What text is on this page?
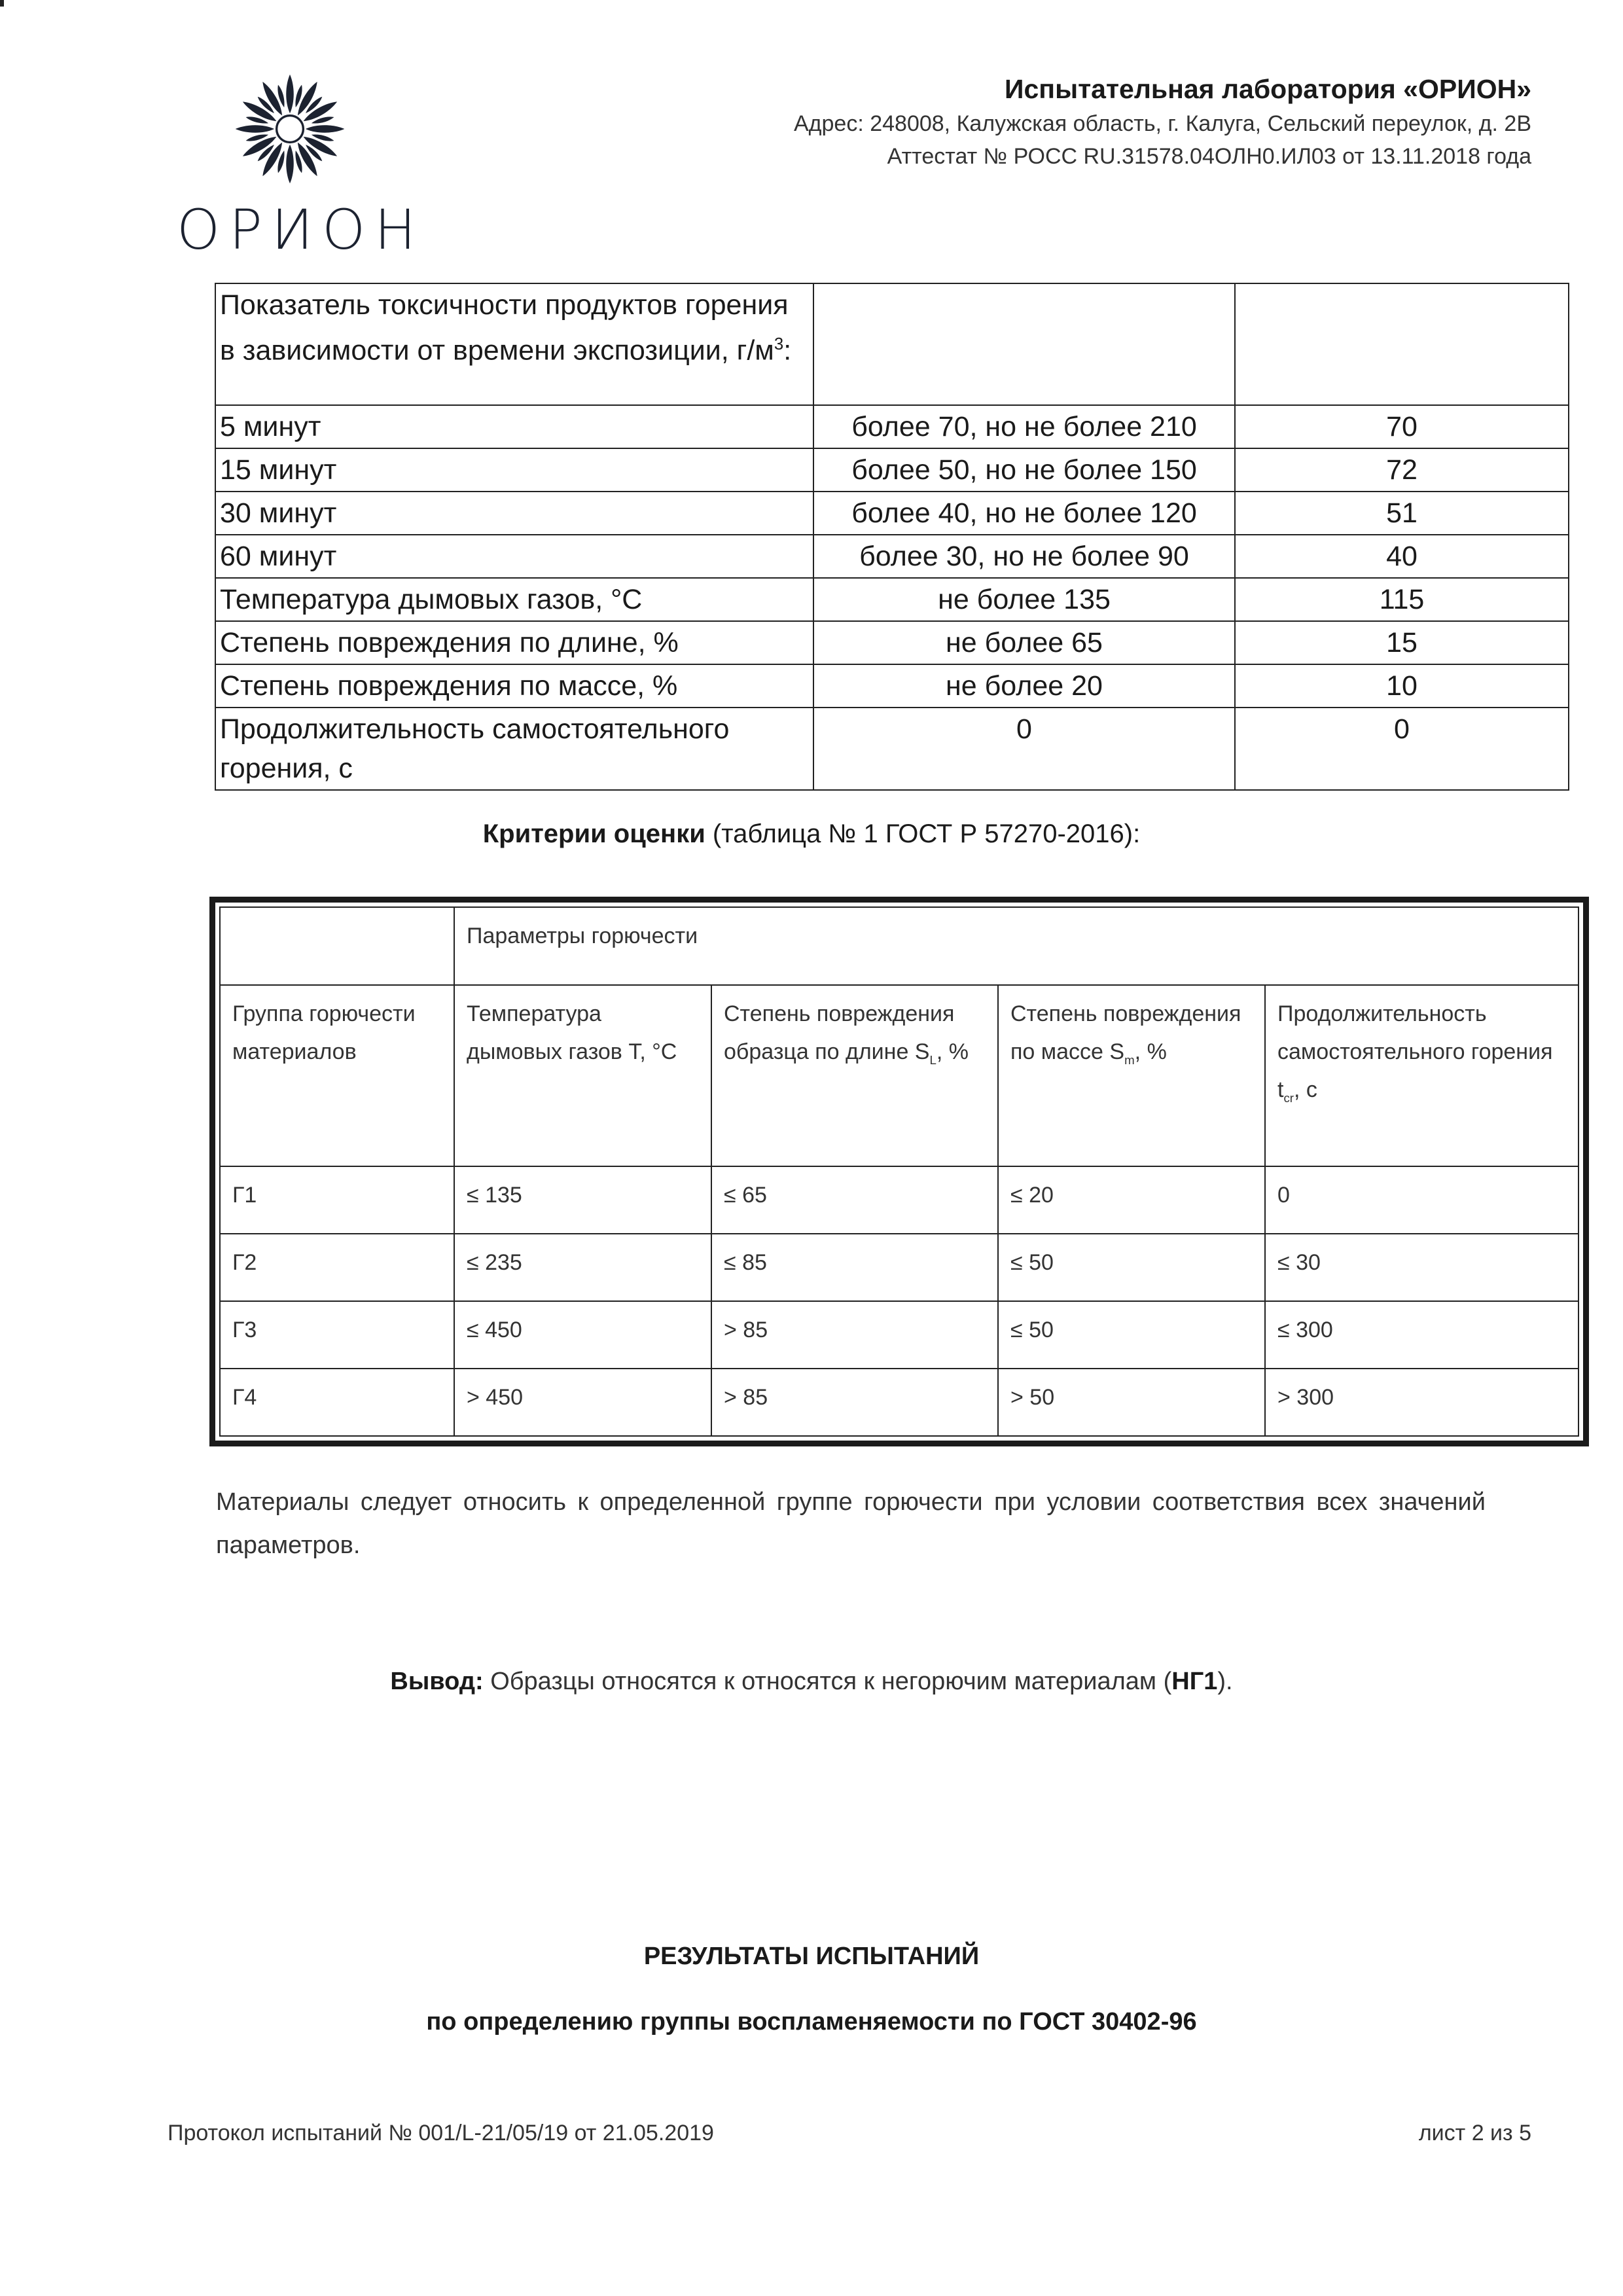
ОРИОН
Испытательная лаборатория «ОРИОН»
Адрес: 248008, Калужская область, г. Калуга, Сельский переулок, д. 2В
Аттестат № РОСС RU.31578.04ОЛН0.ИЛ03 от 13.11.2018 года
Показатель токсичности продуктов горения в зависимости от времени экспозиции, $г/м^3$:		
5 минут	более 70, но не более 210	70
15 минут	более 50, но не более 150	72
30 минут	более 40, но не более 120	51
60 минут	более 30, но не более 90	40
Температура дымовых газов, °С	не более 135	115
Степень повреждения по длине, %	не более 65	15
Степень повреждения по массе, %	не более 20	10
Продолжительность самостоятельного горения, с	0	0
Критерии оценки (таблица № 1 ГОСТ Р 57270-2016):
	Параметры горючести			
Группа горючести материалов	Температура дымовых газов Т, °С	Степень повреждения образца по длине $S_L$, %	Степень повреждения по массе $S_m$, %	Продолжительность самостоятельного горения $t_{cr}$, с
Г1	≤ 135	≤ 65	≤ 20	0
Г2	≤ 235	≤ 85	≤ 50	≤ 30
Г3	≤ 450	> 85	≤ 50	≤ 300
Г4	> 450	> 85	> 50	> 300
Материалы следует относить к определенной группе горючести при условии соответствия всех значенийпараметров.
Вывод: Образцы относятся к относятся к негорючим материалам (НГ1).
РЕЗУЛЬТАТЫ ИСПЫТАНИЙ
по определению группы воспламеняемости по ГОСТ 30402-96
Протокол испытаний № 001/L-21/05/19 от 21.05.2019	лист 2 из 5
